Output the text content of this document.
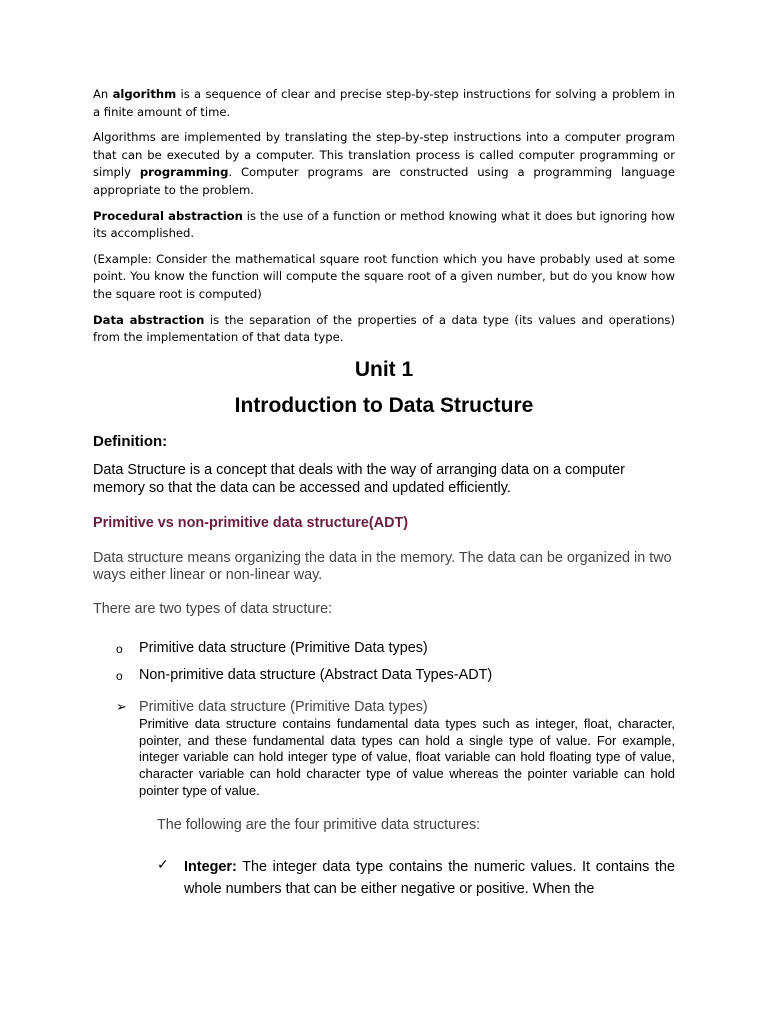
An algorithm is a sequence of clear and precise step-by-step instructions for solving a problem in a finite amount of time.

Algorithms are implemented by translating the step-by-step instructions into a computer program that can be executed by a computer. This translation process is called computer programming or simply programming. Computer programs are constructed using a programming language appropriate to the problem.

Procedural abstraction is the use of a function or method knowing what it does but ignoring how its accomplished.

(Example: Consider the mathematical square root function which you have probably used at some point. You know the function will compute the square root of a given number, but do you know how the square root is computed)

Data abstraction is the separation of the properties of a data type (its values and operations) from the implementation of that data type.

Unit 1
Introduction to Data Structure
Definition:
Data Structure is a concept that deals with the way of arranging data on a computer memory so that the data can be accessed and updated efficiently.
Primitive vs non-primitive data structure(ADT)

Data structure means organizing the data in the memory. The data can be organized in two ways either linear or non-linear way.

There are two types of data structure:

o Primitive data structure (Primitive Data types)
o Non-primitive data structure (Abstract Data Types-ADT)
➢ Primitive data structure (Primitive Data types)
Primitive data structure contains fundamental data types such as integer, float, character, pointer, and these fundamental data types can hold a single type of value. For example, integer variable can hold integer type of value, float variable can hold floating type of value, character variable can hold character type of value whereas the pointer variable can hold pointer type of value.

The following are the four primitive data structures:

✓ Integer: The integer data type contains the numeric values. It contains the whole numbers that can be either negative or positive. When the
